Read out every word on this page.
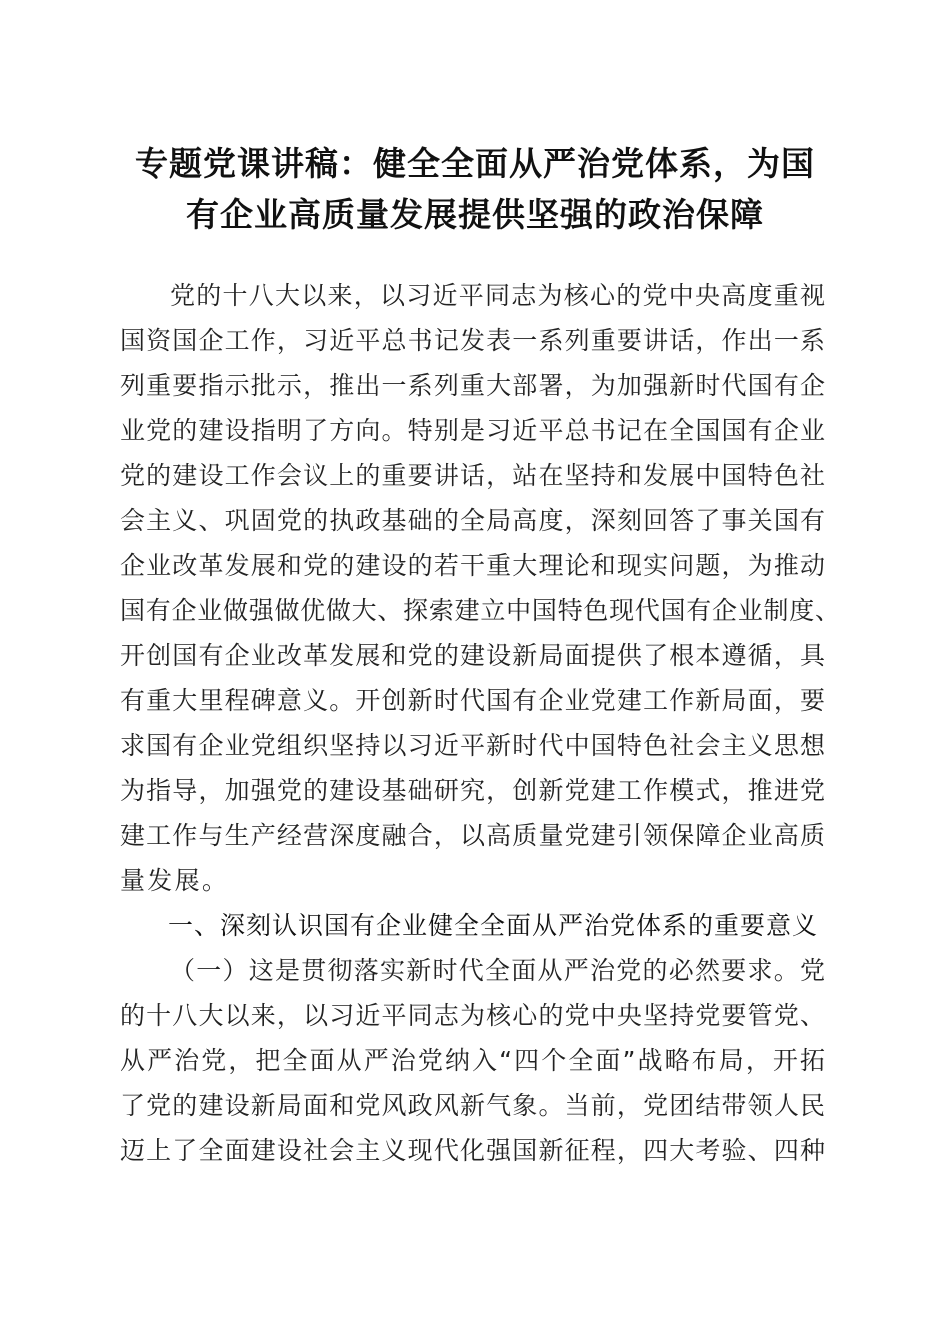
专题党课讲稿：健全全面从严治党体系，为国
有企业高质量发展提供坚强的政治保障
党的十八大以来，以习近平同志为核心的党中央高度重视
国资国企工作，习近平总书记发表一系列重要讲话，作出一系
列重要指示批示，推出一系列重大部署，为加强新时代国有企
业党的建设指明了方向。特别是习近平总书记在全国国有企业
党的建设工作会议上的重要讲话，站在坚持和发展中国特色社
会主义、巩固党的执政基础的全局高度，深刻回答了事关国有
企业改革发展和党的建设的若干重大理论和现实问题，为推动
国有企业做强做优做大、探索建立中国特色现代国有企业制度、
开创国有企业改革发展和党的建设新局面提供了根本遵循，具
有重大里程碑意义。开创新时代国有企业党建工作新局面，要
求国有企业党组织坚持以习近平新时代中国特色社会主义思想
为指导，加强党的建设基础研究，创新党建工作模式，推进党
建工作与生产经营深度融合，以高质量党建引领保障企业高质
量发展。
一、深刻认识国有企业健全全面从严治党体系的重要意义
（一）这是贯彻落实新时代全面从严治党的必然要求。党
的十八大以来，以习近平同志为核心的党中央坚持党要管党、
从严治党，把全面从严治党纳入“四个全面”战略布局，开拓
了党的建设新局面和党风政风新气象。当前，党团结带领人民
迈上了全面建设社会主义现代化强国新征程，四大考验、四种
